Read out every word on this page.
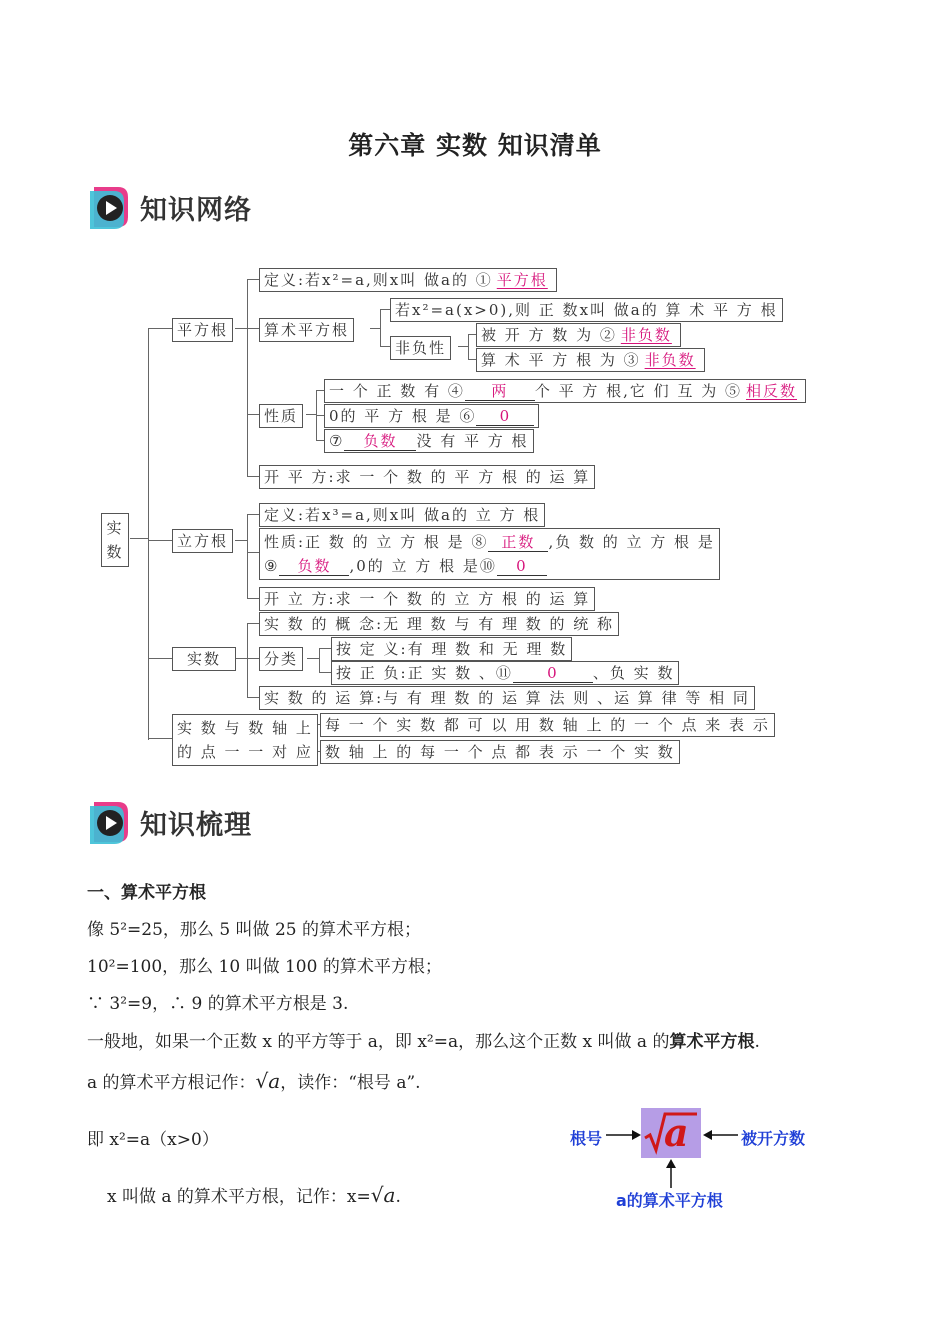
第六章 实数 知识清单
知识网络
实数
平方根
定义:若x²=a,则x叫 做a的 ① 平方根
算术平方根
若x²=a(x>0),则 正 数x叫 做a的 算 术 平 方 根
非负性
被 开 方 数 为 ② 非负数
算 术 平 方 根 为 ③ 非负数
性质
一 个 正 数 有 ④ 两 个 平 方 根,它 们 互 为 ⑤ 相反数
0的 平 方 根 是 ⑥ 0
⑦ 负数 没 有 平 方 根
开 平 方:求 一 个 数 的 平 方 根 的 运 算
立方根
定义:若x³=a,则x叫 做a的 立 方 根
性质:正 数 的 立 方 根 是 ⑧ 正数 ,负 数 的 立 方 根 是
⑨ 负数 ,0的 立 方 根 是⑩ 0
开 立 方:求 一 个 数 的 立 方 根 的 运 算
实数
实 数 的 概 念:无 理 数 与 有 理 数 的 统 称
分类
按 定 义:有 理 数 和 无 理 数
按 正 负:正 实 数 、⑪ 0 、负 实 数
实 数 的 运 算:与 有 理 数 的 运 算 法 则 、运 算 律 等 相 同
实 数 与 数 轴 上
的 点 一 一 对 应
每 一 个 实 数 都 可 以 用 数 轴 上 的 一 个 点 来 表 示
数 轴 上 的 每 一 个 点 都 表 示 一 个 实 数
知识梳理
一、算术平方根
像 5²=25，那么 5 叫做 25 的算术平方根；
10²=100，那么 10 叫做 100 的算术平方根；
∵ 3²=9，∴ 9 的算术平方根是 3.
一般地，如果一个正数 x 的平方等于 a，即 x²=a，那么这个正数 x 叫做 a 的算术平方根.
a 的算术平方根记作：√a，读作：“根号 a”.
即 x²=a（x>0）
x 叫做 a 的算术平方根，记作：x=√a.
a
根号	被开方数
a的算术平方根
